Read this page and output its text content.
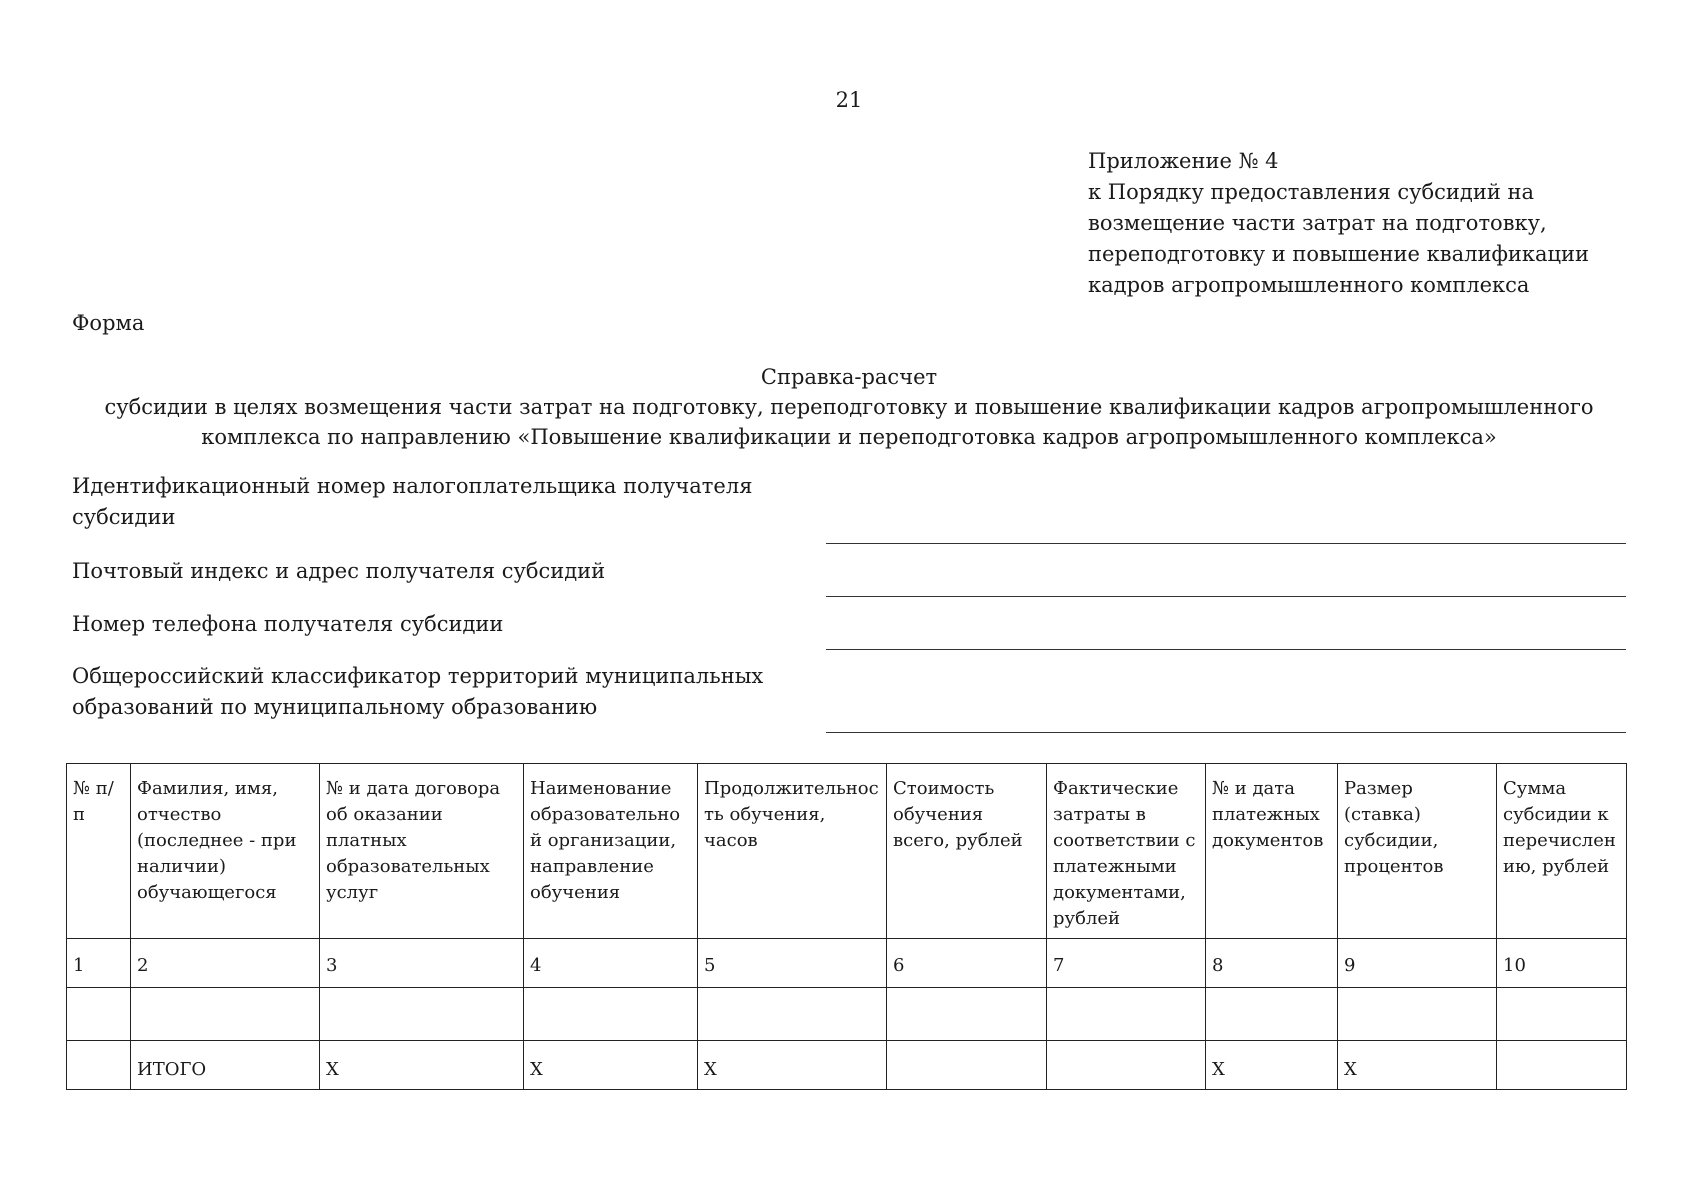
21
Приложение № 4
к Порядку предоставления субсидий на
возмещение части затрат на подготовку,
переподготовку и повышение квалификации
кадров агропромышленного комплекса
Форма
Справка-расчет
субсидии в целях возмещения части затрат на подготовку, переподготовку и повышение квалификации кадров агропромышленного
комплекса по направлению «Повышение квалификации и переподготовка кадров агропромышленного комплекса»
Идентификационный номер налогоплательщика получателя
субсидии
Почтовый индекс и адрес получателя субсидий
Номер телефона получателя субсидии
Общероссийский классификатор территорий муниципальных
образований по муниципальному образованию
№ п/п	Фамилия, имя, отчество (последнее - при наличии) обучающегося	№ и дата договора об оказании платных образовательных услуг	Наименование образовательной организации, направление обучения	Продолжительность обучения, часов	Стоимость обучения всего, рублей	Фактические затраты в соответствии с платежными документами, рублей	№ и дата платежных документов	Размер (ставка) субсидии, процентов	Сумма субсидии к перечислению, рублей
1	2	3	4	5	6	7	8	9	10

	ИТОГО	Х	Х	Х			Х	Х	
